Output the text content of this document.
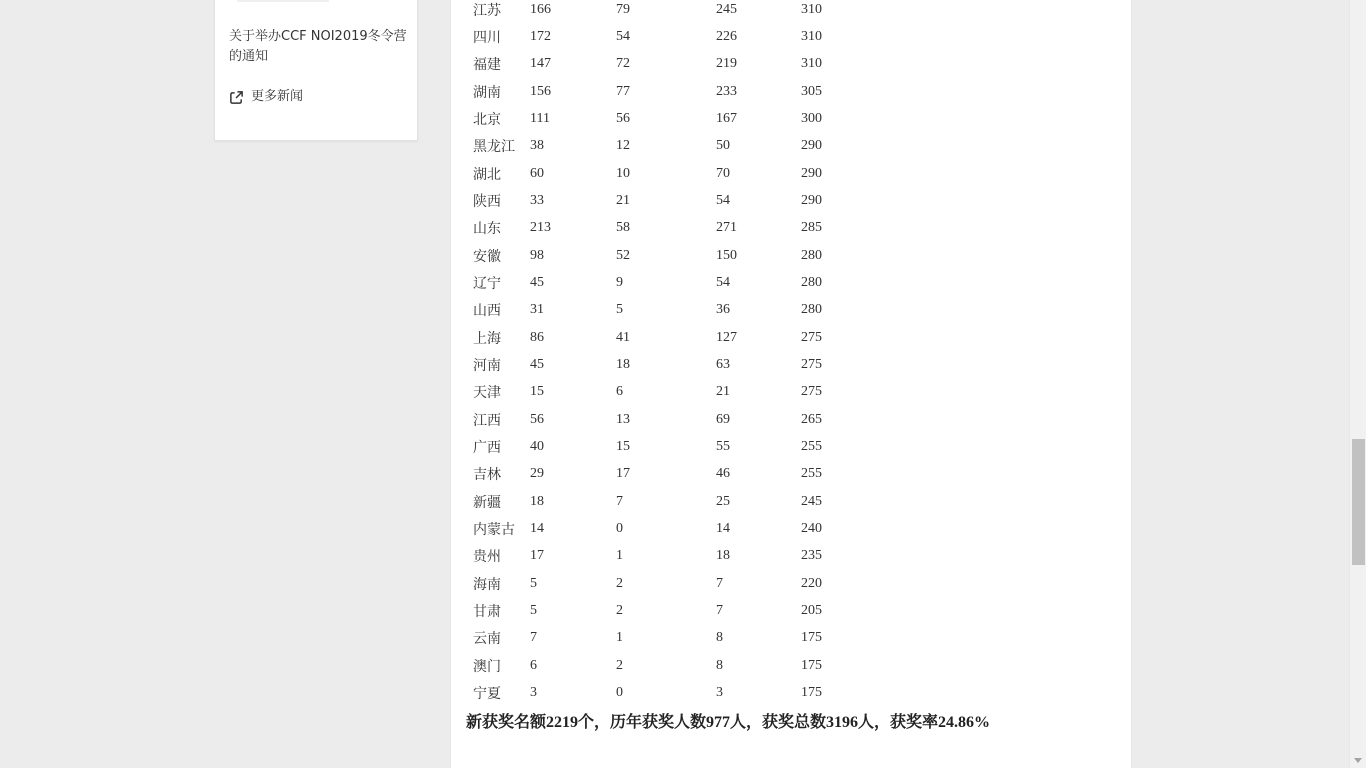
关于举办CCF NOI2019冬令营的通知
更多新闻
江苏	166	79	245	310
四川	172	54	226	310
福建	147	72	219	310
湖南	156	77	233	305
北京	111	56	167	300
黑龙江	38	12	50	290
湖北	60	10	70	290
陕西	33	21	54	290
山东	213	58	271	285
安徽	98	52	150	280
辽宁	45	9	54	280
山西	31	5	36	280
上海	86	41	127	275
河南	45	18	63	275
天津	15	6	21	275
江西	56	13	69	265
广西	40	15	55	255
吉林	29	17	46	255
新疆	18	7	25	245
内蒙古	14	0	14	240
贵州	17	1	18	235
海南	5	2	7	220
甘肃	5	2	7	205
云南	7	1	8	175
澳门	6	2	8	175
宁夏	3	0	3	175
新获奖名额2219个，历年获奖人数977人，获奖总数3196人，获奖率24.86%
